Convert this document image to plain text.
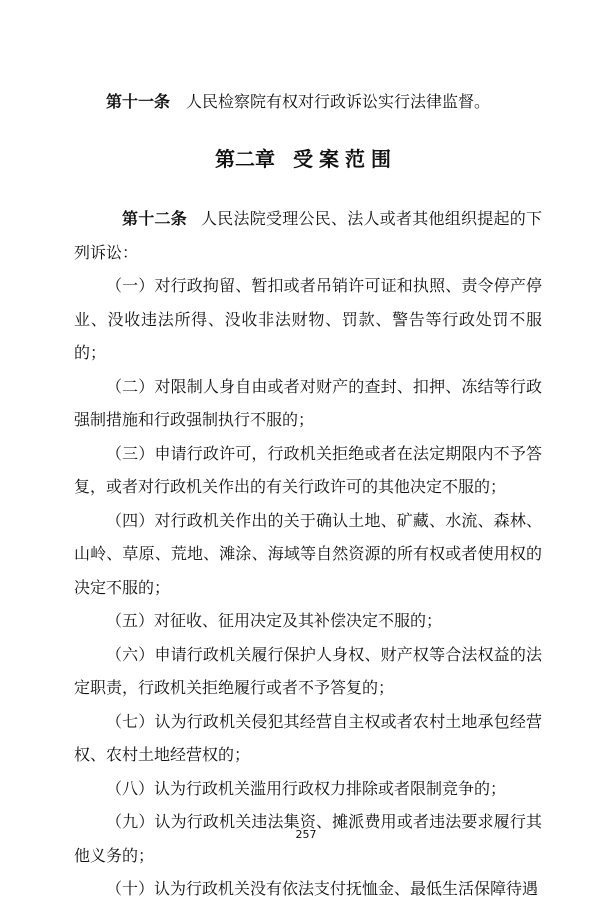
第十一条 人民检察院有权对行政诉讼实行法律监督。
第二章 受案范围

第十二条 人民法院受理公民、法人或者其他组织提起的下列诉讼：

（一）对行政拘留、暂扣或者吊销许可证和执照、责令停产停业、没收违法所得、没收非法财物、罚款、警告等行政处罚不服的；

（二）对限制人身自由或者对财产的查封、扣押、冻结等行政强制措施和行政强制执行不服的；

（三）申请行政许可，行政机关拒绝或者在法定期限内不予答复，或者对行政机关作出的有关行政许可的其他决定不服的；

（四）对行政机关作出的关于确认土地、矿藏、水流、森林、山岭、草原、荒地、滩涂、海域等自然资源的所有权或者使用权的决定不服的；

（五）对征收、征用决定及其补偿决定不服的；

（六）申请行政机关履行保护人身权、财产权等合法权益的法定职责，行政机关拒绝履行或者不予答复的；

（七）认为行政机关侵犯其经营自主权或者农村土地承包经营权、农村土地经营权的；

（八）认为行政机关滥用行政权力排除或者限制竞争的；

（九）认为行政机关违法集资、摊派费用或者违法要求履行其他义务的；

（十）认为行政机关没有依法支付抚恤金、最低生活保障待遇

257
